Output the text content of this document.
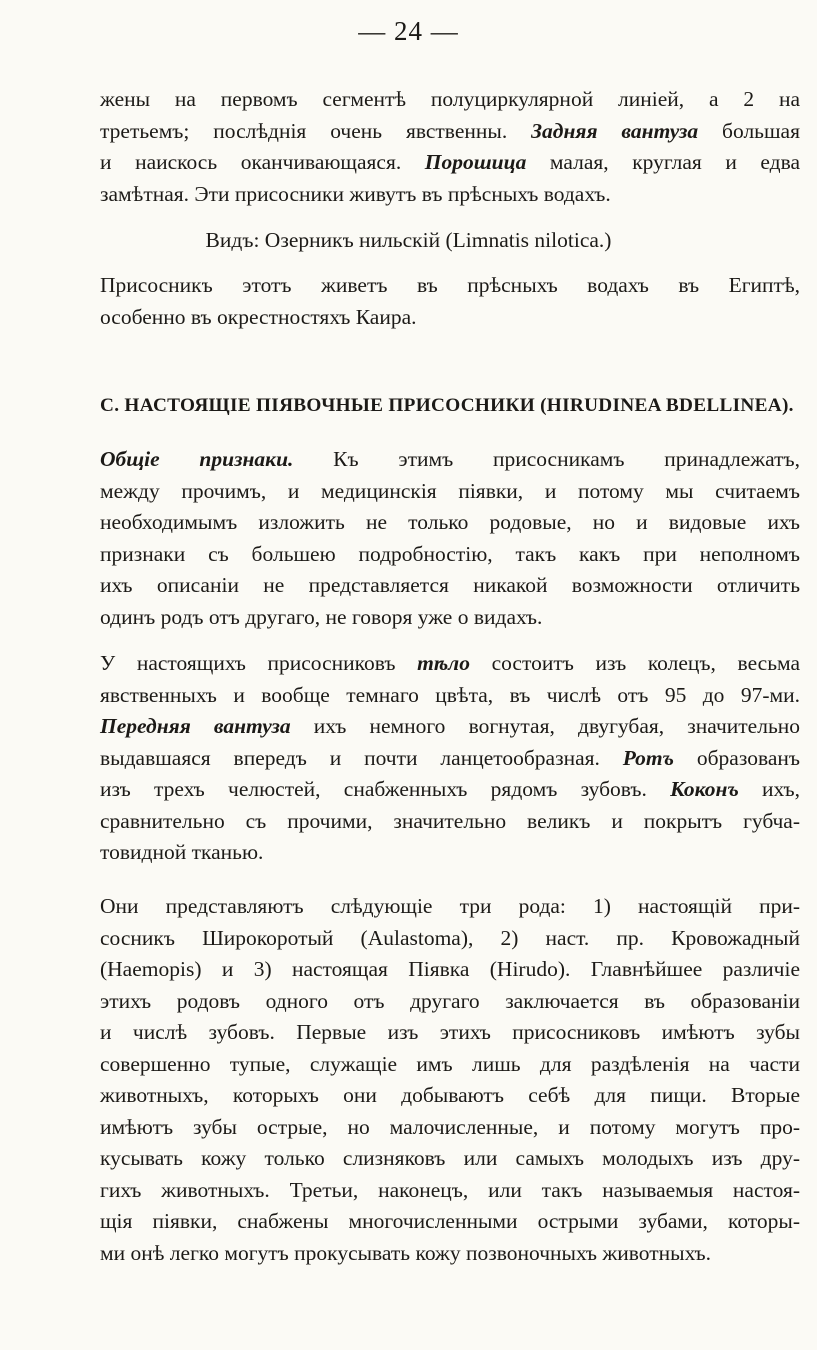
— 24 —
жены на первомъ сегментѣ полуциркулярной линіей, а 2 на
третьемъ; послѣднія очень явственны. Задняя вантуза большая
и наискось оканчивающаяся. Порошица малая, круглая и едва
замѣтная. Эти присосники живутъ въ прѣсныхъ водахъ.
Видъ: Озерникъ нильскій (Limnatis nilotica.)
Присосникъ этотъ живетъ въ прѣсныхъ водахъ въ Египтѣ,
особенно въ окрестностяхъ Каира.
C. НАСТОЯЩІЕ ПІЯВОЧНЫЕ ПРИСОСНИКИ (HIRUDINEA BDELLINEA).
Общіе признаки. Къ этимъ присосникамъ принадлежатъ,
между прочимъ, и медицинскія піявки, и потому мы считаемъ
необходимымъ изложить не только родовые, но и видовые ихъ
признаки съ большею подробностію, такъ какъ при неполномъ
ихъ описаніи не представляется никакой возможности отличить
одинъ родъ отъ другаго, не говоря уже о видахъ.
У настоящихъ присосниковъ тѣло состоитъ изъ колецъ, весьма
явственныхъ и вообще темнаго цвѣта, въ числѣ отъ 95 до 97-ми.
Передняя вантуза ихъ немного вогнутая, двугубая, значительно
выдавшаяся впередъ и почти ланцетообразная. Ротъ образованъ
изъ трехъ челюстей, снабженныхъ рядомъ зубовъ. Коконъ ихъ,
сравнительно съ прочими, значительно великъ и покрытъ губча-
товидной тканью.
Они представляютъ слѣдующіе три рода: 1) настоящій при-
сосникъ Широкоротый (Aulastoma), 2) наст. пр. Кровожадный
(Haemopis) и 3) настоящая Піявка (Hirudo). Главнѣйшее различіе
этихъ родовъ одного отъ другаго заключается въ образованіи
и числѣ зубовъ. Первые изъ этихъ присосниковъ имѣютъ зубы
совершенно тупые, служащіе имъ лишь для раздѣленія на части
животныхъ, которыхъ они добываютъ себѣ для пищи. Вторые
имѣютъ зубы острые, но малочисленные, и потому могутъ про-
кусывать кожу только слизняковъ или самыхъ молодыхъ изъ дру-
гихъ животныхъ. Третьи, наконецъ, или такъ называемыя настоя-
щія піявки, снабжены многочисленными острыми зубами, которы-
ми онѣ легко могутъ прокусывать кожу позвоночныхъ животныхъ.
